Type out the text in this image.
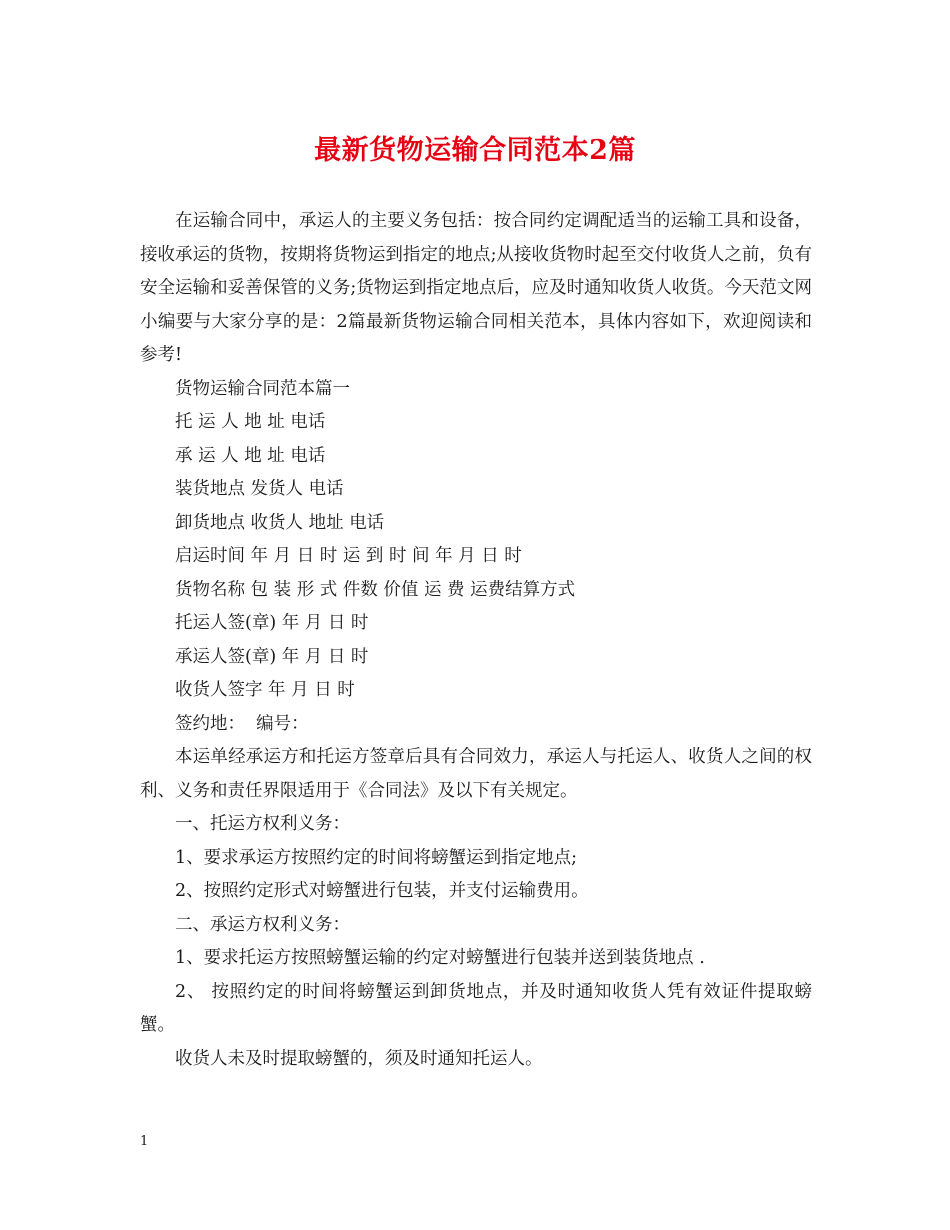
最新货物运输合同范本2篇

在运输合同中，承运人的主要义务包括：按合同约定调配适当的运输工具和设备，接收承运的货物，按期将货物运到指定的地点;从接收货物时起至交付收货人之前，负有安全运输和妥善保管的义务;货物运到指定地点后，应及时通知收货人收货。今天范文网小编要与大家分享的是：2篇最新货物运输合同相关范本，具体内容如下，欢迎阅读和参考!

货物运输合同范本篇一

托 运 人 地 址 电话

承 运 人 地 址 电话

装货地点 发货人 电话

卸货地点 收货人 地址 电话

启运时间 年 月 日 时 运 到 时 间 年 月 日 时

货物名称 包 装 形 式 件数 价值 运 费 运费结算方式

托运人签(章) 年 月 日 时

承运人签(章) 年 月 日 时

收货人签字 年 月 日 时

签约地：  编号：

本运单经承运方和托运方签章后具有合同效力，承运人与托运人、收货人之间的权利、义务和责任界限适用于《合同法》及以下有关规定。

一、托运方权利义务：

1、要求承运方按照约定的时间将螃蟹运到指定地点;

2、按照约定形式对螃蟹进行包装，并支付运输费用。

二、承运方权利义务：

1、要求托运方按照螃蟹运输的约定对螃蟹进行包装并送到装货地点 .

2、 按照约定的时间将螃蟹运到卸货地点，并及时通知收货人凭有效证件提取螃蟹。

收货人未及时提取螃蟹的，须及时通知托运人。

1
